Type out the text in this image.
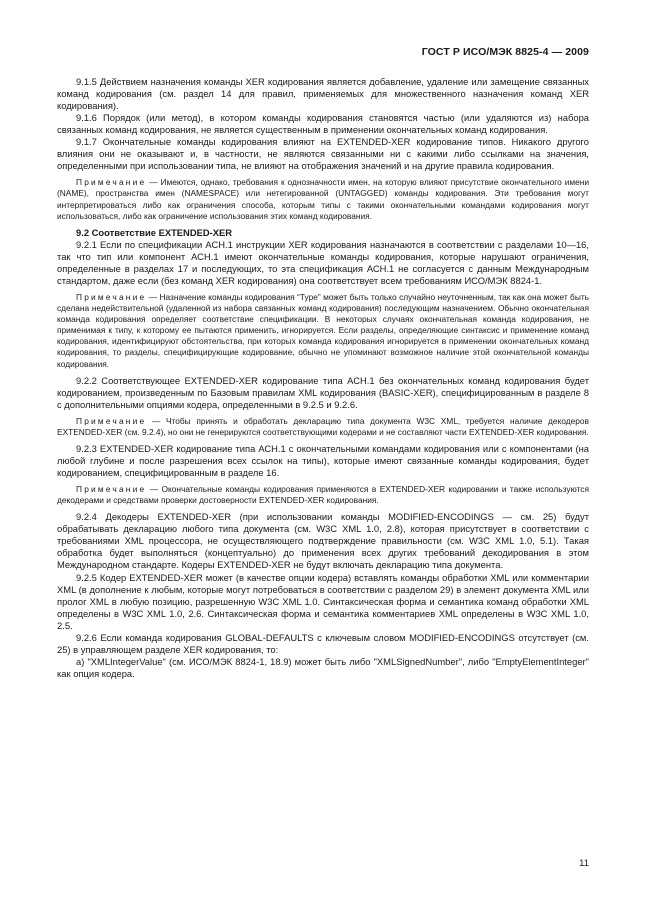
ГОСТ Р ИСО/МЭК 8825-4 — 2009

9.1.5 Действием назначения команды XER кодирования является добавление, удаление или замещение связанных команд кодирования (см. раздел 14 для правил, применяемых для множественного назначения команд XER кодирования).

9.1.6 Порядок (или метод), в котором команды кодирования становятся частью (или удаляются из) набора связанных команд кодирования, не является существенным в применении окончательных команд кодирования.

9.1.7 Окончательные команды кодирования влияют на EXTENDED-XER кодирование типов. Никакого другого влияния они не оказывают и, в частности, не являются связанными ни с какими либо ссылками на значения, определенными при использовании типа, не влияют на отображения значений и на другие правила кодирования.

Примечание — Имеются, однако, требования к однозначности имен, на которую влияют присутствие окончательного имени (NAME), пространства имен (NAMESPACE) или нетегированной (UNTAGGED) команды кодирования. Эти требования могут интерпретироваться либо как ограничения способа, которым типы с такими окончательными командами кодирования могут использоваться, либо как ограничение использования этих команд кодирования.

9.2 Соответствие EXTENDED-XER

9.2.1 Если по спецификации АСН.1 инструкции XER кодирования назначаются в соответствии с разделами 10—16, так что тип или компонент АСН.1 имеют окончательные команды кодирования, которые нарушают ограничения, определенные в разделах 17 и последующих, то эта спецификация АСН.1 не согласуется с данным Международным стандартом, даже если (без команд XER кодирования) она соответствует всем требованиям ИСО/МЭК 8824-1.

Примечание — Назначение команды кодирования “Type” может быть только случайно неуточненным, так как она может быть сделана недействительной (удаленной из набора связанных команд кодирования) последующим назначением. Обычно окончательная команда кодирования определяет соответствие спецификации. В некоторых случаях окончательная команда кодирования, не применимая к типу, к которому ее пытаются применить, игнорируется. Если разделы, определяющие синтаксис и применение команд кодирования, идентифицируют обстоятельства, при которых команда кодирования игнорируется в применении окончательных команд кодирования, то разделы, специфицирующие кодирование, обычно не упоминают возможное наличие этой окончательной команды кодирования.

9.2.2 Соответствующее EXTENDED-XER кодирование типа АСН.1 без окончательных команд кодирования будет кодированием, произведенным по Базовым правилам XML кодирования (BASIC-XER), специфицированным в разделе 8 с дополнительными опциями кодера, определенными в 9.2.5 и 9.2.6.

Примечание — Чтобы принять и обработать декларацию типа документа W3C XML, требуется наличие декодеров EXTENDED-XER (см. 9.2.4), но они не генерируются соответствующими кодерами и не составляют части EXTENDED-XER кодирования.

9.2.3 EXTENDED-XER кодирование типа АСН.1 с окончательными командами кодирования или с компонентами (на любой глубине и после разрешения всех ссылок на типы), которые имеют связанные команды кодирования, будет кодированием, специфицированным в разделе 16.

Примечание — Окончательные команды кодирования применяются в EXTENDED-XER кодировании и также используются декодерами и средствами проверки достоверности EXTENDED-XER кодирования.

9.2.4 Декодеры EXTENDED-XER (при использовании команды MODIFIED-ENCODINGS — см. 25) будут обрабатывать декларацию любого типа документа (см. W3C XML 1.0, 2.8), которая присутствует в соответствии с требованиями XML процессора, не осуществляющего подтверждение правильности (см. W3C XML 1.0, 5.1). Такая обработка будет выполняться (концептуально) до применения всех других требований декодирования в этом Международном стандарте. Кодеры EXTENDED-XER не будут включать декларацию типа документа.

9.2.5 Кодер EXTENDED-XER может (в качестве опции кодера) вставлять команды обработки XML или комментарии XML (в дополнение к любым, которые могут потребоваться в соответствии с разделом 29) в элемент документа XML или пролог XML в любую позицию, разрешенную W3C XML 1.0. Синтаксическая форма и семантика команд обработки XML определены в W3C XML 1.0, 2.6. Синтаксическая форма и семантика комментариев XML определены в W3C XML 1.0, 2.5.

9.2.6 Если команда кодирования GLOBAL-DEFAULTS с ключевым словом MODIFIED-ENCODINGS отсутствует (см. 25) в управляющем разделе XER кодирования, то:

a) "XMLIntegerValue" (см. ИСО/МЭК 8824-1, 18.9) может быть либо "XMLSignedNumber", либо "EmptyElementInteger" как опция кодера.

11
